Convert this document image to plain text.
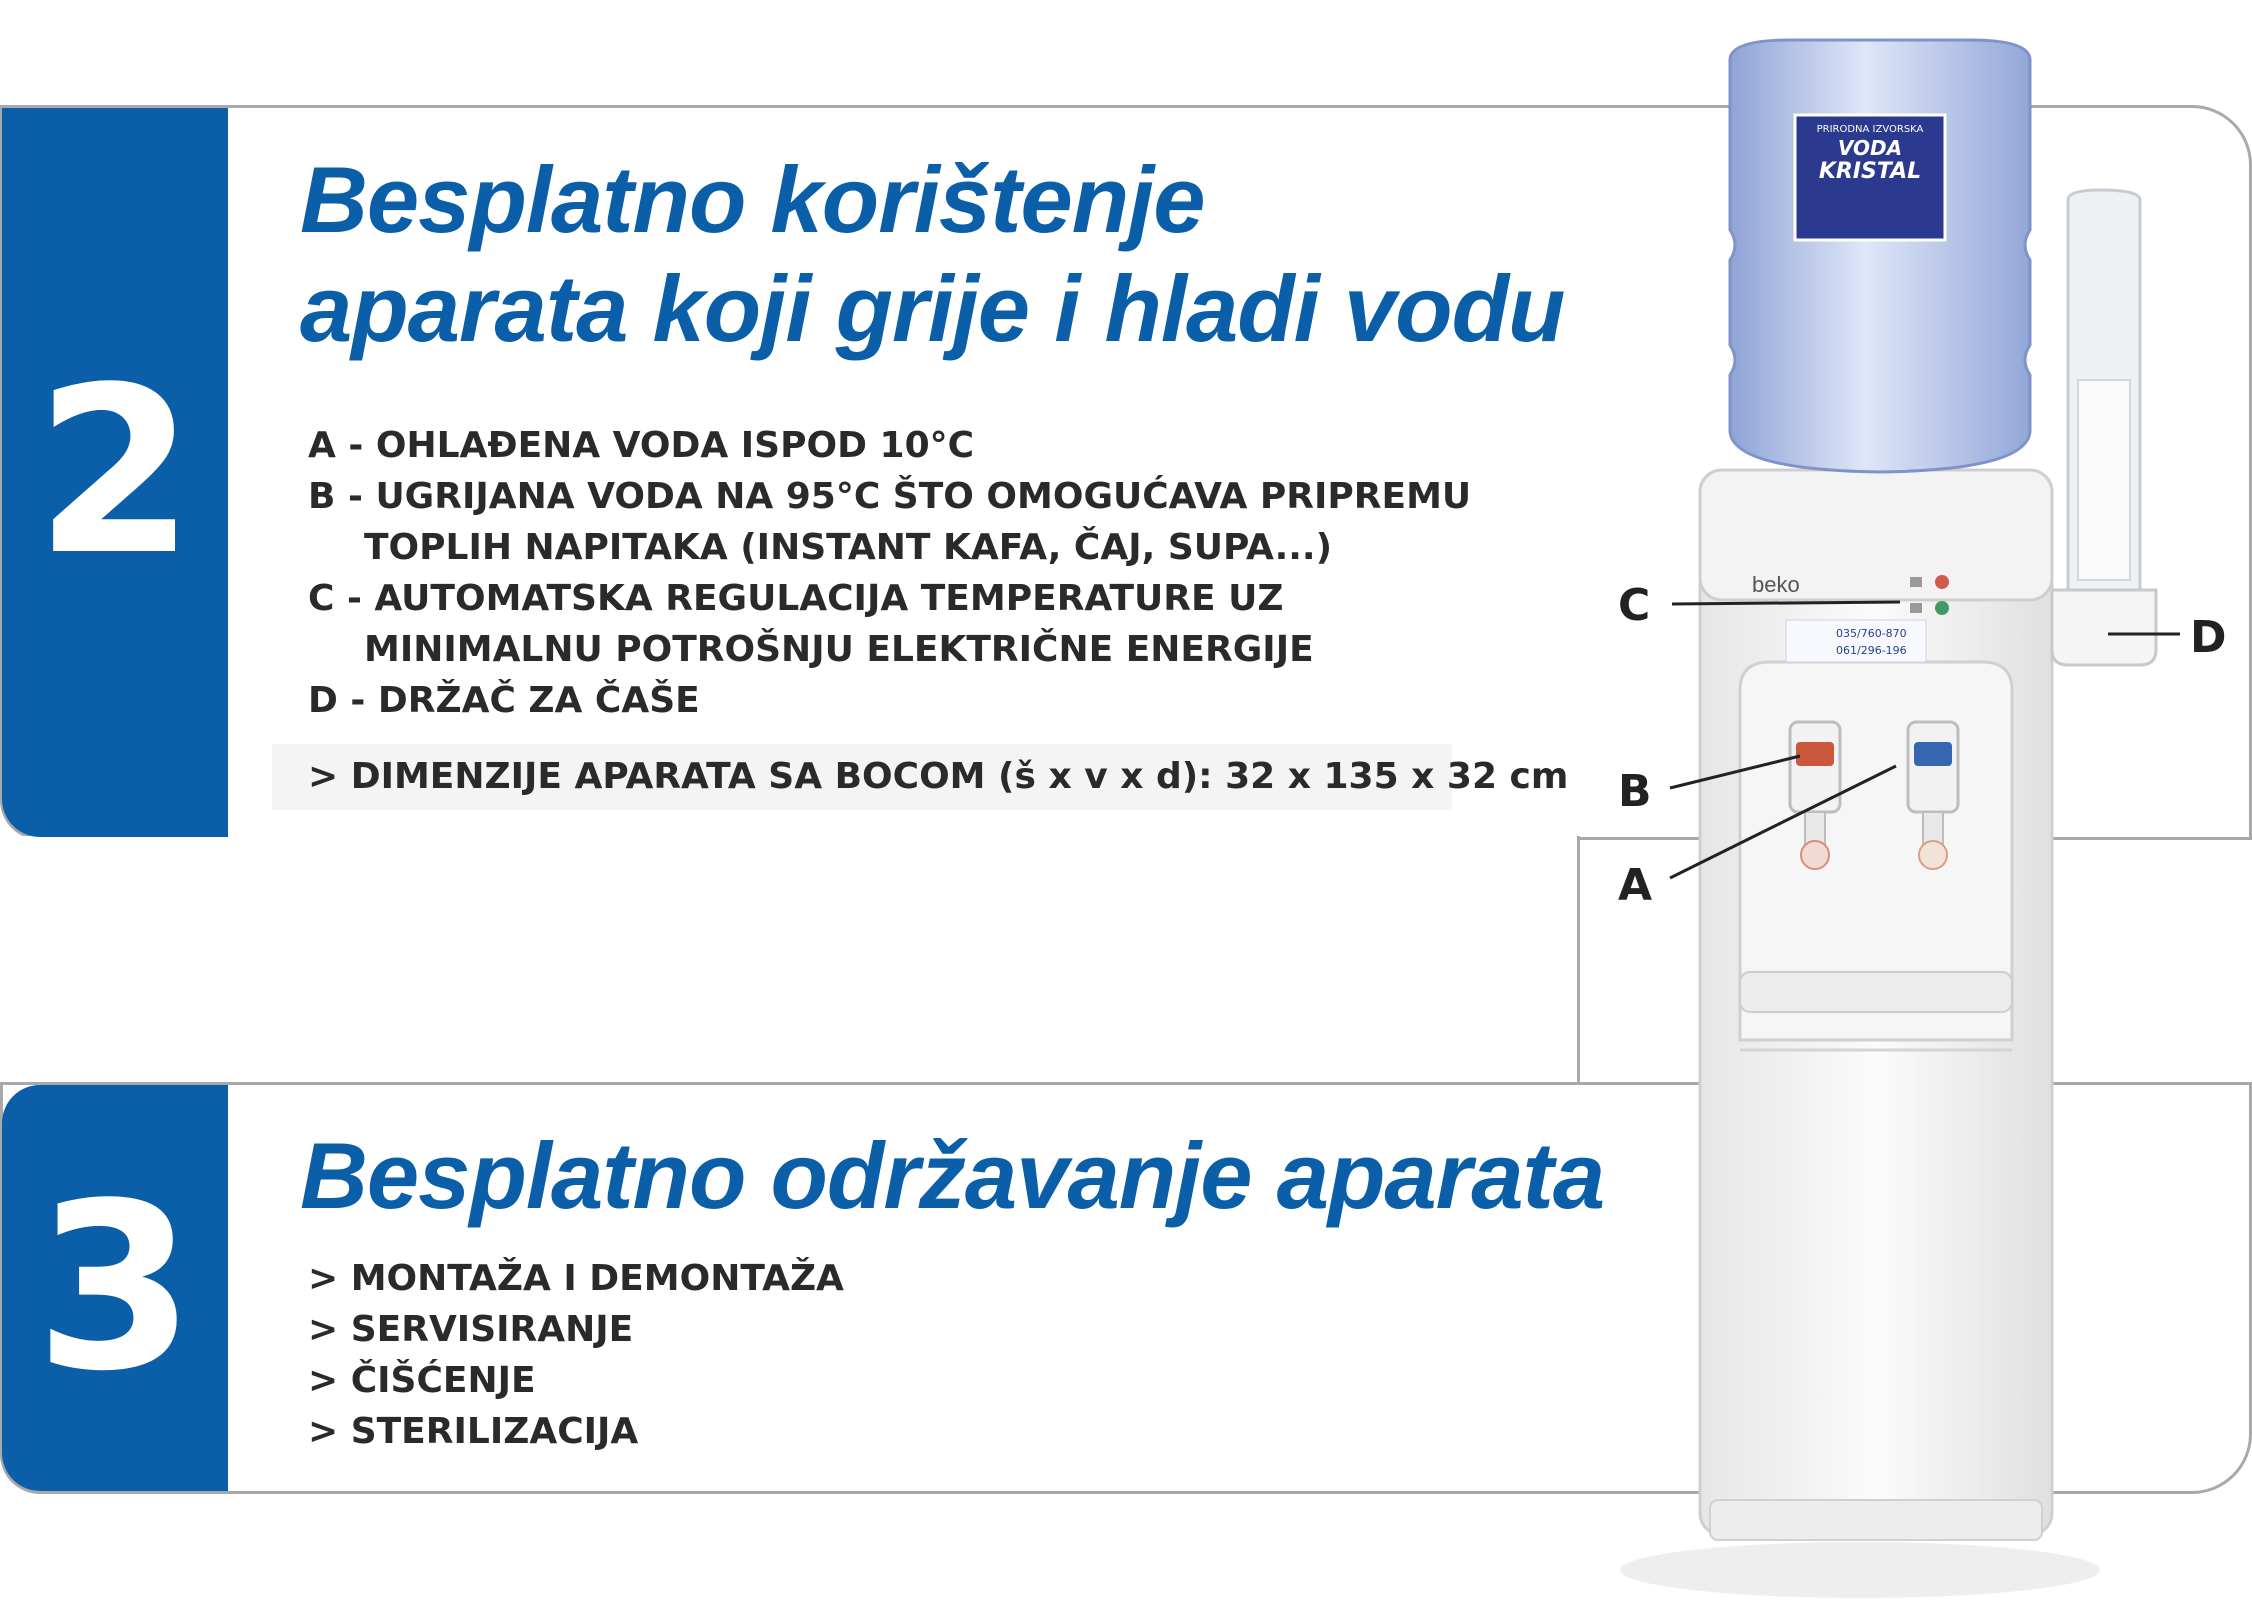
2
Besplatno korištenje
aparata koji grije i hladi vodu
A - OHLAĐENA VODA ISPOD 10°C
B - UGRIJANA VODA NA 95°C ŠTO OMOGUĆAVA PRIPREMU
TOPLIH NAPITAKA (INSTANT KAFA, ČAJ, SUPA...)
C - AUTOMATSKA REGULACIJA TEMPERATURE UZ
MINIMALNU POTROŠNJU ELEKTRIČNE ENERGIJE
D - DRŽAČ ZA ČAŠE
> DIMENZIJE APARATA SA BOCOM (š x v x d): 32 x 135 x 32 cm
3 Besplatno održavanje aparata
> MONTAŽA I DEMONTAŽA
> SERVISIRANJE
> ČIŠĆENJE
> STERILIZACIJA
beko
035/760-870
061/296-196
PRIRODNA IZVORSKA
VODA
KRISTAL
C
B
A
D
